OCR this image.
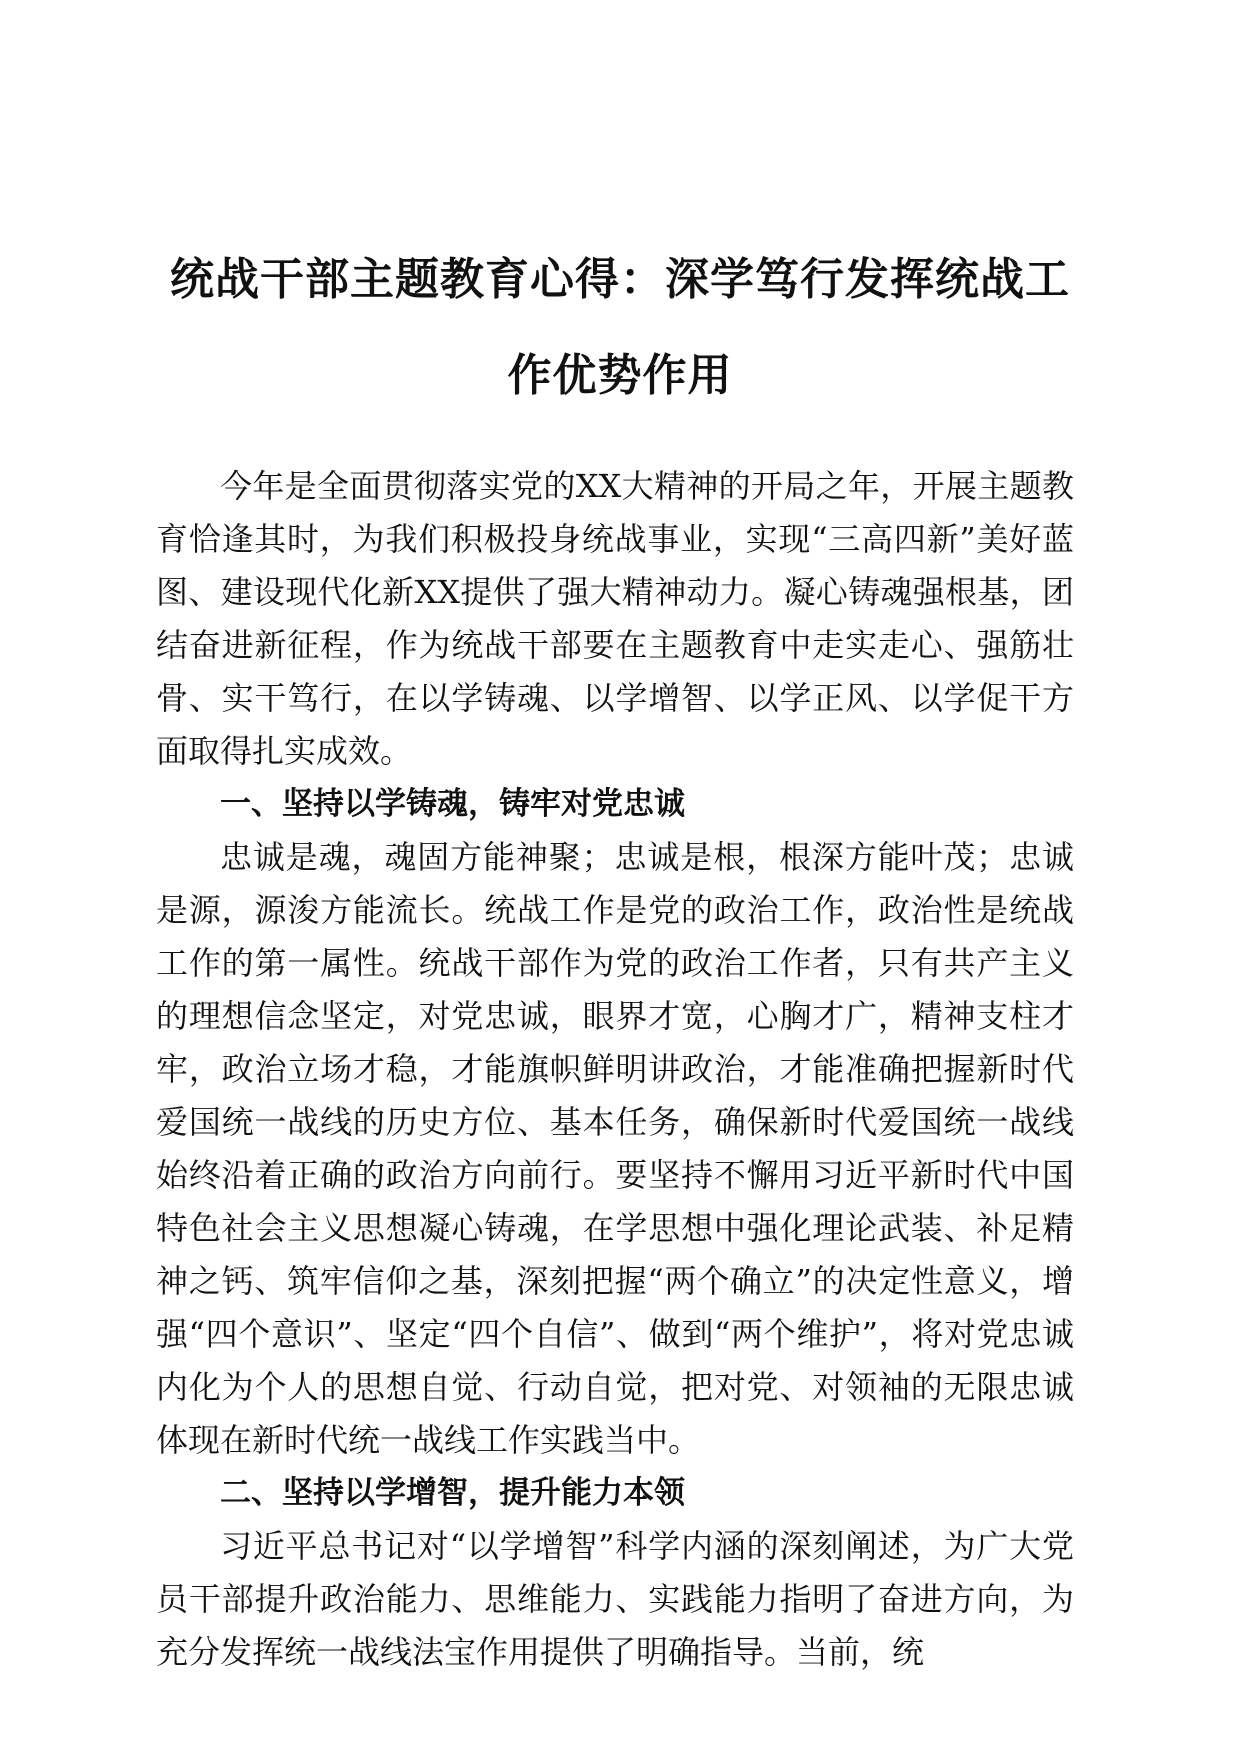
统战干部主题教育心得：深学笃行发挥统战工
作优势作用

今年是全面贯彻落实党的XX大精神的开局之年，开展主题教育恰逢其时，为我们积极投身统战事业，实现“三高四新”美好蓝图、建设现代化新XX提供了强大精神动力。凝心铸魂强根基，团结奋进新征程，作为统战干部要在主题教育中走实走心、强筋壮骨、实干笃行，在以学铸魂、以学增智、以学正风、以学促干方面取得扎实成效。

一、坚持以学铸魂，铸牢对党忠诚

忠诚是魂，魂固方能神聚；忠诚是根，根深方能叶茂；忠诚是源，源浚方能流长。统战工作是党的政治工作，政治性是统战工作的第一属性。统战干部作为党的政治工作者，只有共产主义的理想信念坚定，对党忠诚，眼界才宽，心胸才广，精神支柱才牢，政治立场才稳，才能旗帜鲜明讲政治，才能准确把握新时代爱国统一战线的历史方位、基本任务，确保新时代爱国统一战线始终沿着正确的政治方向前行。要坚持不懈用习近平新时代中国特色社会主义思想凝心铸魂，在学思想中强化理论武装、补足精神之钙、筑牢信仰之基，深刻把握“两个确立”的决定性意义，增强“四个意识”、坚定“四个自信”、做到“两个维护”，将对党忠诚内化为个人的思想自觉、行动自觉，把对党、对领袖的无限忠诚体现在新时代统一战线工作实践当中。

二、坚持以学增智，提升能力本领

习近平总书记对“以学增智”科学内涵的深刻阐述，为广大党员干部提升政治能力、思维能力、实践能力指明了奋进方向，为充分发挥统一战线法宝作用提供了明确指导。当前，统
